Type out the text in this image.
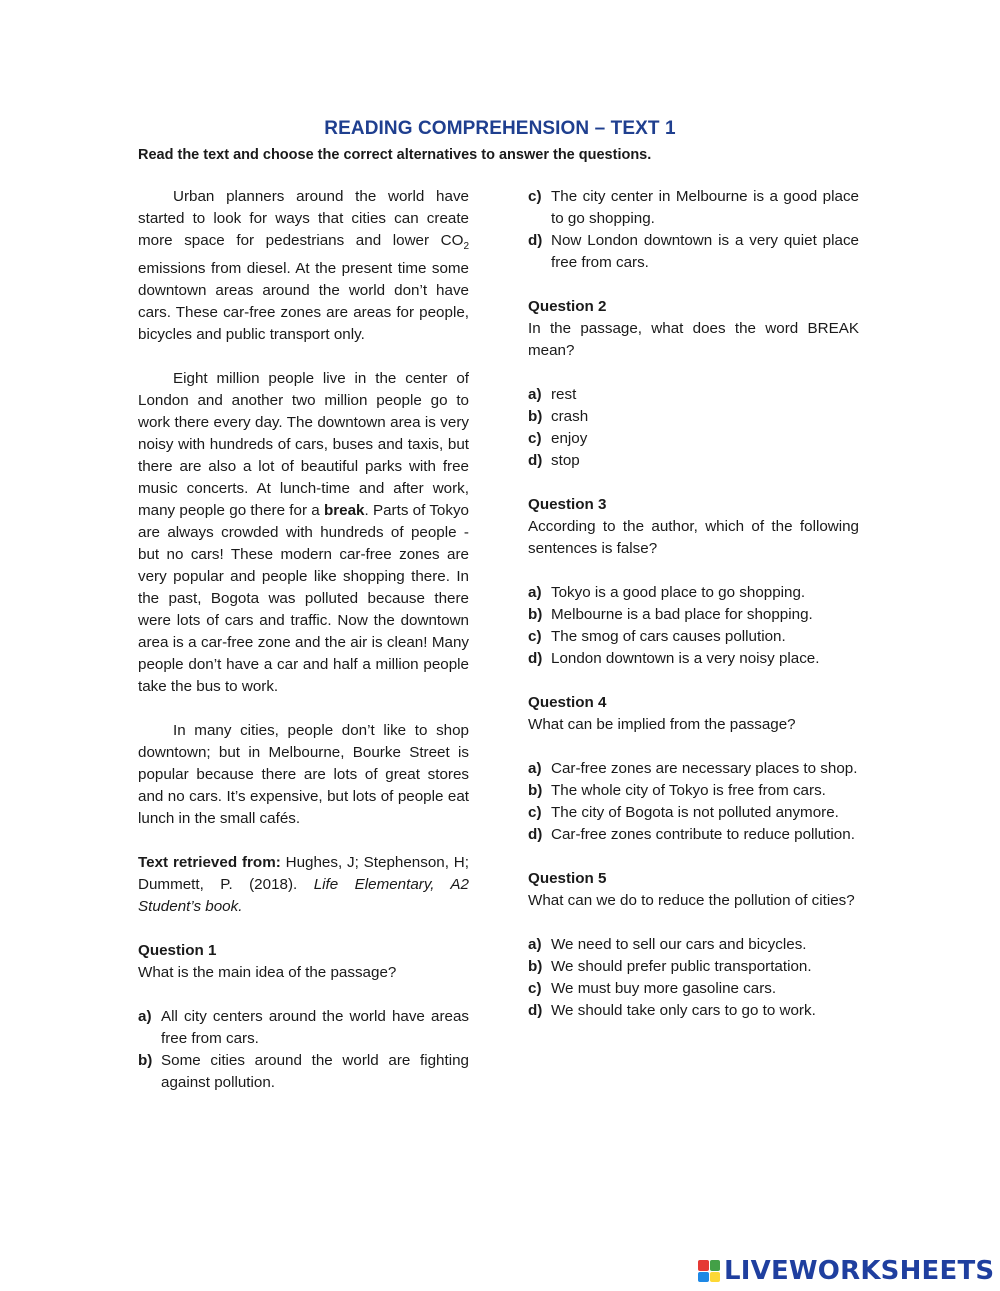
READING COMPREHENSION – TEXT 1
Read the text and choose the correct alternatives to answer the questions.

Urban planners around the world have started to look for ways that cities can create more space for pedestrians and lower $CO_2$ emissions from diesel. At the present time some downtown areas around the world don’t have cars. These car-free zones are areas for people, bicycles and public transport only.

Eight million people live in the center of London and another two million people go to work there every day. The downtown area is very noisy with hundreds of cars, buses and taxis, but there are also a lot of beautiful parks with free music concerts. At lunch-time and after work, many people go there for a break. Parts of Tokyo are always crowded with hundreds of people - but no cars! These modern car-free zones are very popular and people like shopping there. In the past, Bogota was polluted because there were lots of cars and traffic. Now the downtown area is a car-free zone and the air is clean! Many people don’t have a car and half a million people take the bus to work.

In many cities, people don’t like to shop downtown; but in Melbourne, Bourke Street is popular because there are lots of great stores and no cars. It’s expensive, but lots of people eat lunch in the small cafés.

Text retrieved from: Hughes, J; Stephenson, H; Dummett, P. (2018). Life Elementary, A2 Student’s book.

Question 1

What is the main idea of the passage?

a) All city centers around the world have areas free from cars.
b) Some cities around the world are fighting against pollution.
c) The city center in Melbourne is a good place to go shopping.
d) Now London downtown is a very quiet place free from cars.

Question 2

In the passage, what does the word BREAK mean?

a) rest
b) crash
c) enjoy
d) stop

Question 3

According to the author, which of the following sentences is false?

a) Tokyo is a good place to go shopping.
b) Melbourne is a bad place for shopping.
c) The smog of cars causes pollution.
d) London downtown is a very noisy place.

Question 4

What can be implied from the passage?

a) Car-free zones are necessary places to shop.
b) The whole city of Tokyo is free from cars.
c) The city of Bogota is not polluted anymore.
d) Car-free zones contribute to reduce pollution.

Question 5

What can we do to reduce the pollution of cities?

a) We need to sell our cars and bicycles.
b) We should prefer public transportation.
c) We must buy more gasoline cars.
d) We should take only cars to go to work.
LIVEWORKSHEETS
